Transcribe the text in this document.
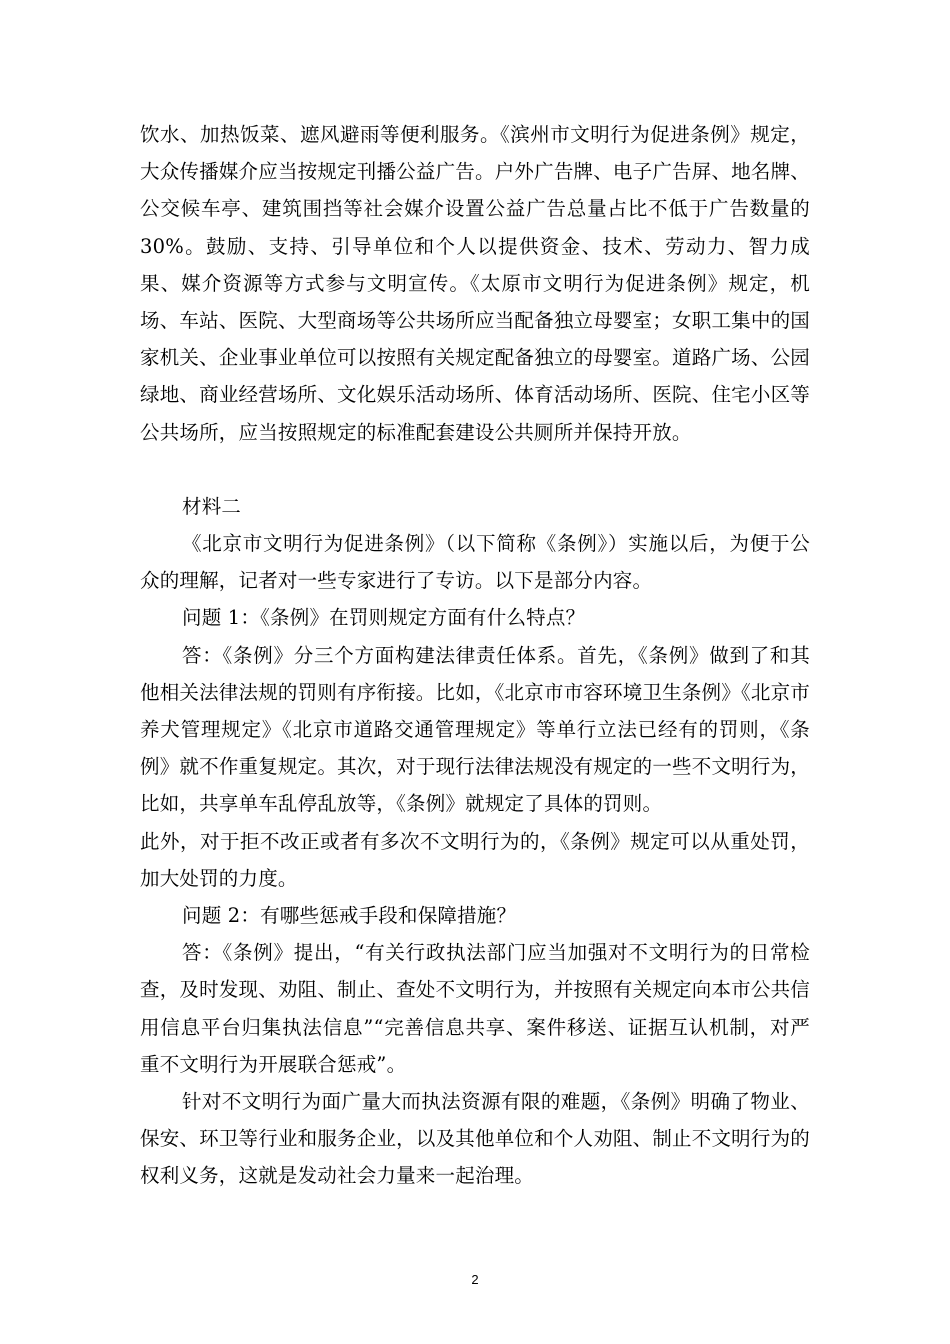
饮水、加热饭菜、遮风避雨等便利服务。《滨州市文明行为促进条例》规定，大众传播媒介应当按规定刊播公益广告。户外广告牌、电子广告屏、地名牌、公交候车亭、建筑围挡等社会媒介设置公益广告总量占比不低于广告数量的 30%。鼓励、支持、引导单位和个人以提供资金、技术、劳动力、智力成果、媒介资源等方式参与文明宣传。《太原市文明行为促进条例》规定，机场、车站、医院、大型商场等公共场所应当配备独立母婴室；女职工集中的国家机关、企业事业单位可以按照有关规定配备独立的母婴室。道路广场、公园绿地、商业经营场所、文化娱乐活动场所、体育活动场所、医院、住宅小区等公共场所，应当按照规定的标准配套建设公共厕所并保持开放。

材料二

《北京市文明行为促进条例》（以下简称《条例》）实施以后，为便于公众的理解，记者对一些专家进行了专访。以下是部分内容。

问题 1：《条例》在罚则规定方面有什么特点？

答：《条例》分三个方面构建法律责任体系。首先，《条例》做到了和其他相关法律法规的罚则有序衔接。比如，《北京市市容环境卫生条例》《北京市养犬管理规定》《北京市道路交通管理规定》等单行立法已经有的罚则，《条例》就不作重复规定。其次，对于现行法律法规没有规定的一些不文明行为，比如，共享单车乱停乱放等，《条例》就规定了具体的罚则。

此外，对于拒不改正或者有多次不文明行为的，《条例》规定可以从重处罚，加大处罚的力度。

问题 2：有哪些惩戒手段和保障措施？

答：《条例》提出，“有关行政执法部门应当加强对不文明行为的日常检查，及时发现、劝阻、制止、查处不文明行为，并按照有关规定向本市公共信用信息平台归集执法信息”“完善信息共享、案件移送、证据互认机制，对严重不文明行为开展联合惩戒”。

针对不文明行为面广量大而执法资源有限的难题，《条例》明确了物业、保安、环卫等行业和服务企业，以及其他单位和个人劝阻、制止不文明行为的权利义务，这就是发动社会力量来一起治理。

2
